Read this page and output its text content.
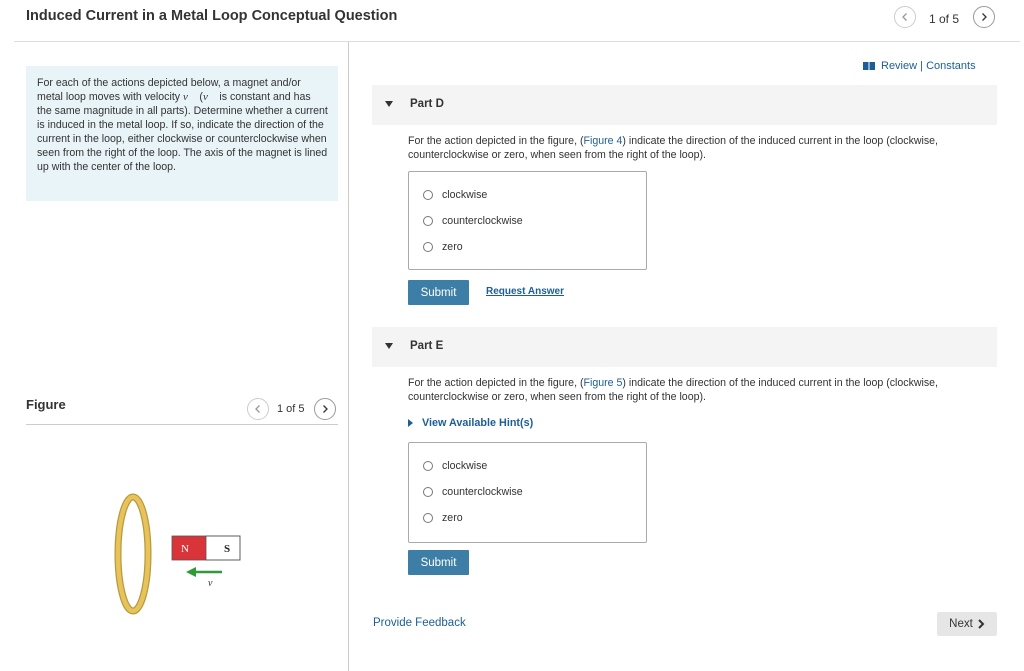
Induced Current in a Metal Loop Conceptual Question	1 of 5
For each of the actions depicted below, a magnet and/or metal loop moves with velocity v⃗ (v⃗ is constant and has the same magnitude in all parts). Determine whether a current is induced in the metal loop. If so, indicate the direction of the current in the loop, either clockwise or counterclockwise when seen from the right of the loop. The axis of the magnet is lined up with the center of the loop.
Figure	1 of 5
N	S
v
Review | Constants
Part D
For the action depicted in the figure, (Figure 4) indicate the direction of the induced current in the loop (clockwise, counterclockwise or zero, when seen from the right of the loop).
clockwise
counterclockwise
zero
Submit	Request Answer
Part E
For the action depicted in the figure, (Figure 5) indicate the direction of the induced current in the loop (clockwise, counterclockwise or zero, when seen from the right of the loop).
View Available Hint(s)
clockwise
counterclockwise
zero
Submit
Provide Feedback	Next
